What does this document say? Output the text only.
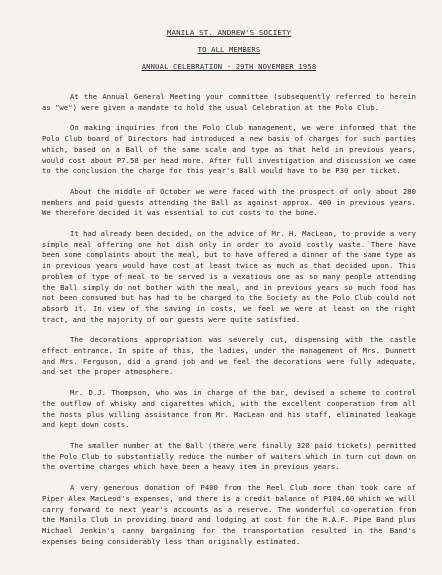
MANILA ST. ANDREW'S SOCIETY
TO ALL MEMBERS
ANNUAL CELEBRATION - 29TH NOVEMBER 1958

At the Annual General Meeting your committee (subsequently referred to herein as "we") were given a mandate to hold the usual Celebration at the Polo Club.

On making inquiries from the Polo Club management, we were informed that the Polo Club board of Directors had introduced a new basis of charges for such parties which, based on a Ball of the same scale and type as that held in previous years, would cost about P7.50 per head more. After full investigation and discussion we came to the conclusion the charge for this year's Ball would have to be P30 per ticket.

About the middle of October we were faced with the prospect of only about 280 members and paid guests attending the Ball as against approx. 400 in previous years. We therefore decided it was essential to cut costs to the bone.

It had already been decided, on the advice of Mr. H. MacLean, to provide a very simple meal offering one hot dish only in order to avoid costly waste. There have been some complaints about the meal, but to have offered a dinner of the same type as in previous years would have cost at least twice as much as that decided upon. This problem of type of meal to be served is a vexatious one as so many people attending the Ball simply do not bother with the meal, and in previous years so much food has not been consumed but has had to be charged to the Society as the Polo Club could not absorb it. In view of the saving in costs, we feel we were at least on the right tract, and the majority of our guests were quite satisfied.

The decorations appropriation was severely cut, dispensing with the castle effect entrance. In spite of this, the ladies, under the management of Mrs. Dunnett and Mrs. Ferguson, did a grand job and we feel the decorations were fully adequate, and set the proper atmosphere.

Mr. D.J. Thompson, who was in charge of the bar, devised a scheme to control the outflow of whisky and cigarettes which, with the excellent cooperation from all the hosts plus willing assistance from Mr. MacLean and his staff, eliminated leakage and kept down costs.

The smaller number at the Ball (there were finally 320 paid tickets) permitted the Polo Club to substantially reduce the number of waiters which in turn cut down on the overtime charges which have been a heavy item in previous years.

A very generous donation of P400 from the Reel Club more than took care of Piper Alex MacLeod's expenses, and there is a credit balance of P104.60 which we will carry forward to next year's accounts as a reserve. The wonderful co-operation from the Manila Club in providing board and lodging at cost for the R.A.F. Pipe Band plus Michael Jenkin's canny bargaining for the transportation resulted in the Band's expenses being considerably less than originally estimated.
